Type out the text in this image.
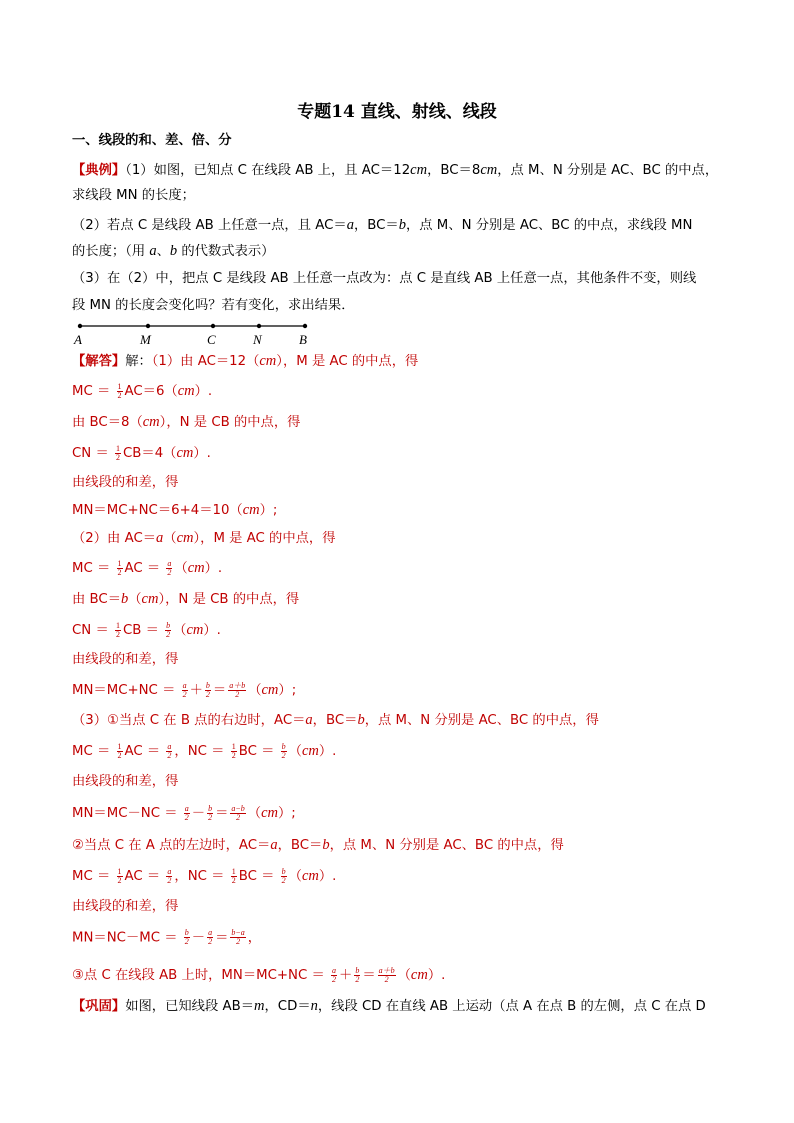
专题14 直线、射线、线段
一、线段的和、差、倍、分
【典例】（1）如图，已知点 C 在线段 AB 上，且 AC＝12cm，BC＝8cm，点 M、N 分别是 AC、BC 的中点，
求线段 MN 的长度；
（2）若点 C 是线段 AB 上任意一点，且 AC＝a，BC＝b，点 M、N 分别是 AC、BC 的中点，求线段 MN
的长度；（用 a、b 的代数式表示）
（3）在（2）中，把点 C 是线段 AB 上任意一点改为：点 C 是直线 AB 上任意一点，其他条件不变，则线
段 MN 的长度会变化吗？若有变化，求出结果．
A	M	C	N	B
【解答】解：（1）由 AC＝12（cm），M 是 AC 的中点，得
MC ＝ $\frac{1}{2} AC=6(cm)$.
由 BC＝8（cm），N 是 CB 的中点，得
CN ＝ $\frac{1}{2} CB=4(cm)$.
由线段的和差，得
MN＝MC+NC＝6+4＝10（cm）;
（2）由 AC＝a（cm），M 是 AC 的中点，得
MC ＝ $\frac{1}{2}$ AC ＝ $\frac{a}{2} (cm)$.
由 BC＝b（cm），N 是 CB 的中点，得
CN ＝ $\frac{1}{2}$ CB ＝ $\frac{b}{2} (cm)$.
由线段的和差，得
$MN=MC+NC = \frac{a}{2} + \frac{b}{2} = \frac{a+b}{2} (cm)$;
（3）①当点 C 在 B 点的右边时，AC＝a，BC＝b，点 M、N 分别是 AC、BC 的中点，得
MC ＝ $\frac{1}{2}$ AC ＝ $\frac{a}{2}$ ，NC ＝ $\frac{1}{2}$ BC ＝ $\frac{b}{2} (cm)$.
由线段的和差，得
$MN=MC-NC = \frac{a}{2} - \frac{b}{2} = \frac{a-b}{2} (cm)$;
②当点 C 在 A 点的左边时，AC＝a，BC＝b，点 M、N 分别是 AC、BC 的中点，得
MC ＝ $\frac{1}{2}$ AC ＝ $\frac{a}{2}$ ，NC ＝ $\frac{1}{2}$ BC ＝ $\frac{b}{2} (cm)$.
由线段的和差，得
$MN=NC-MC = \frac{b}{2} - \frac{a}{2} = \frac{b-a}{2}$ ，
③点 C 在线段 AB 上时，$MN=MC+NC = \frac{a}{2} + \frac{b}{2} = \frac{a+b}{2} (cm)$.
【巩固】如图，已知线段 AB＝m，CD＝n，线段 CD 在直线 AB 上运动（点 A 在点 B 的左侧，点 C 在点 D
